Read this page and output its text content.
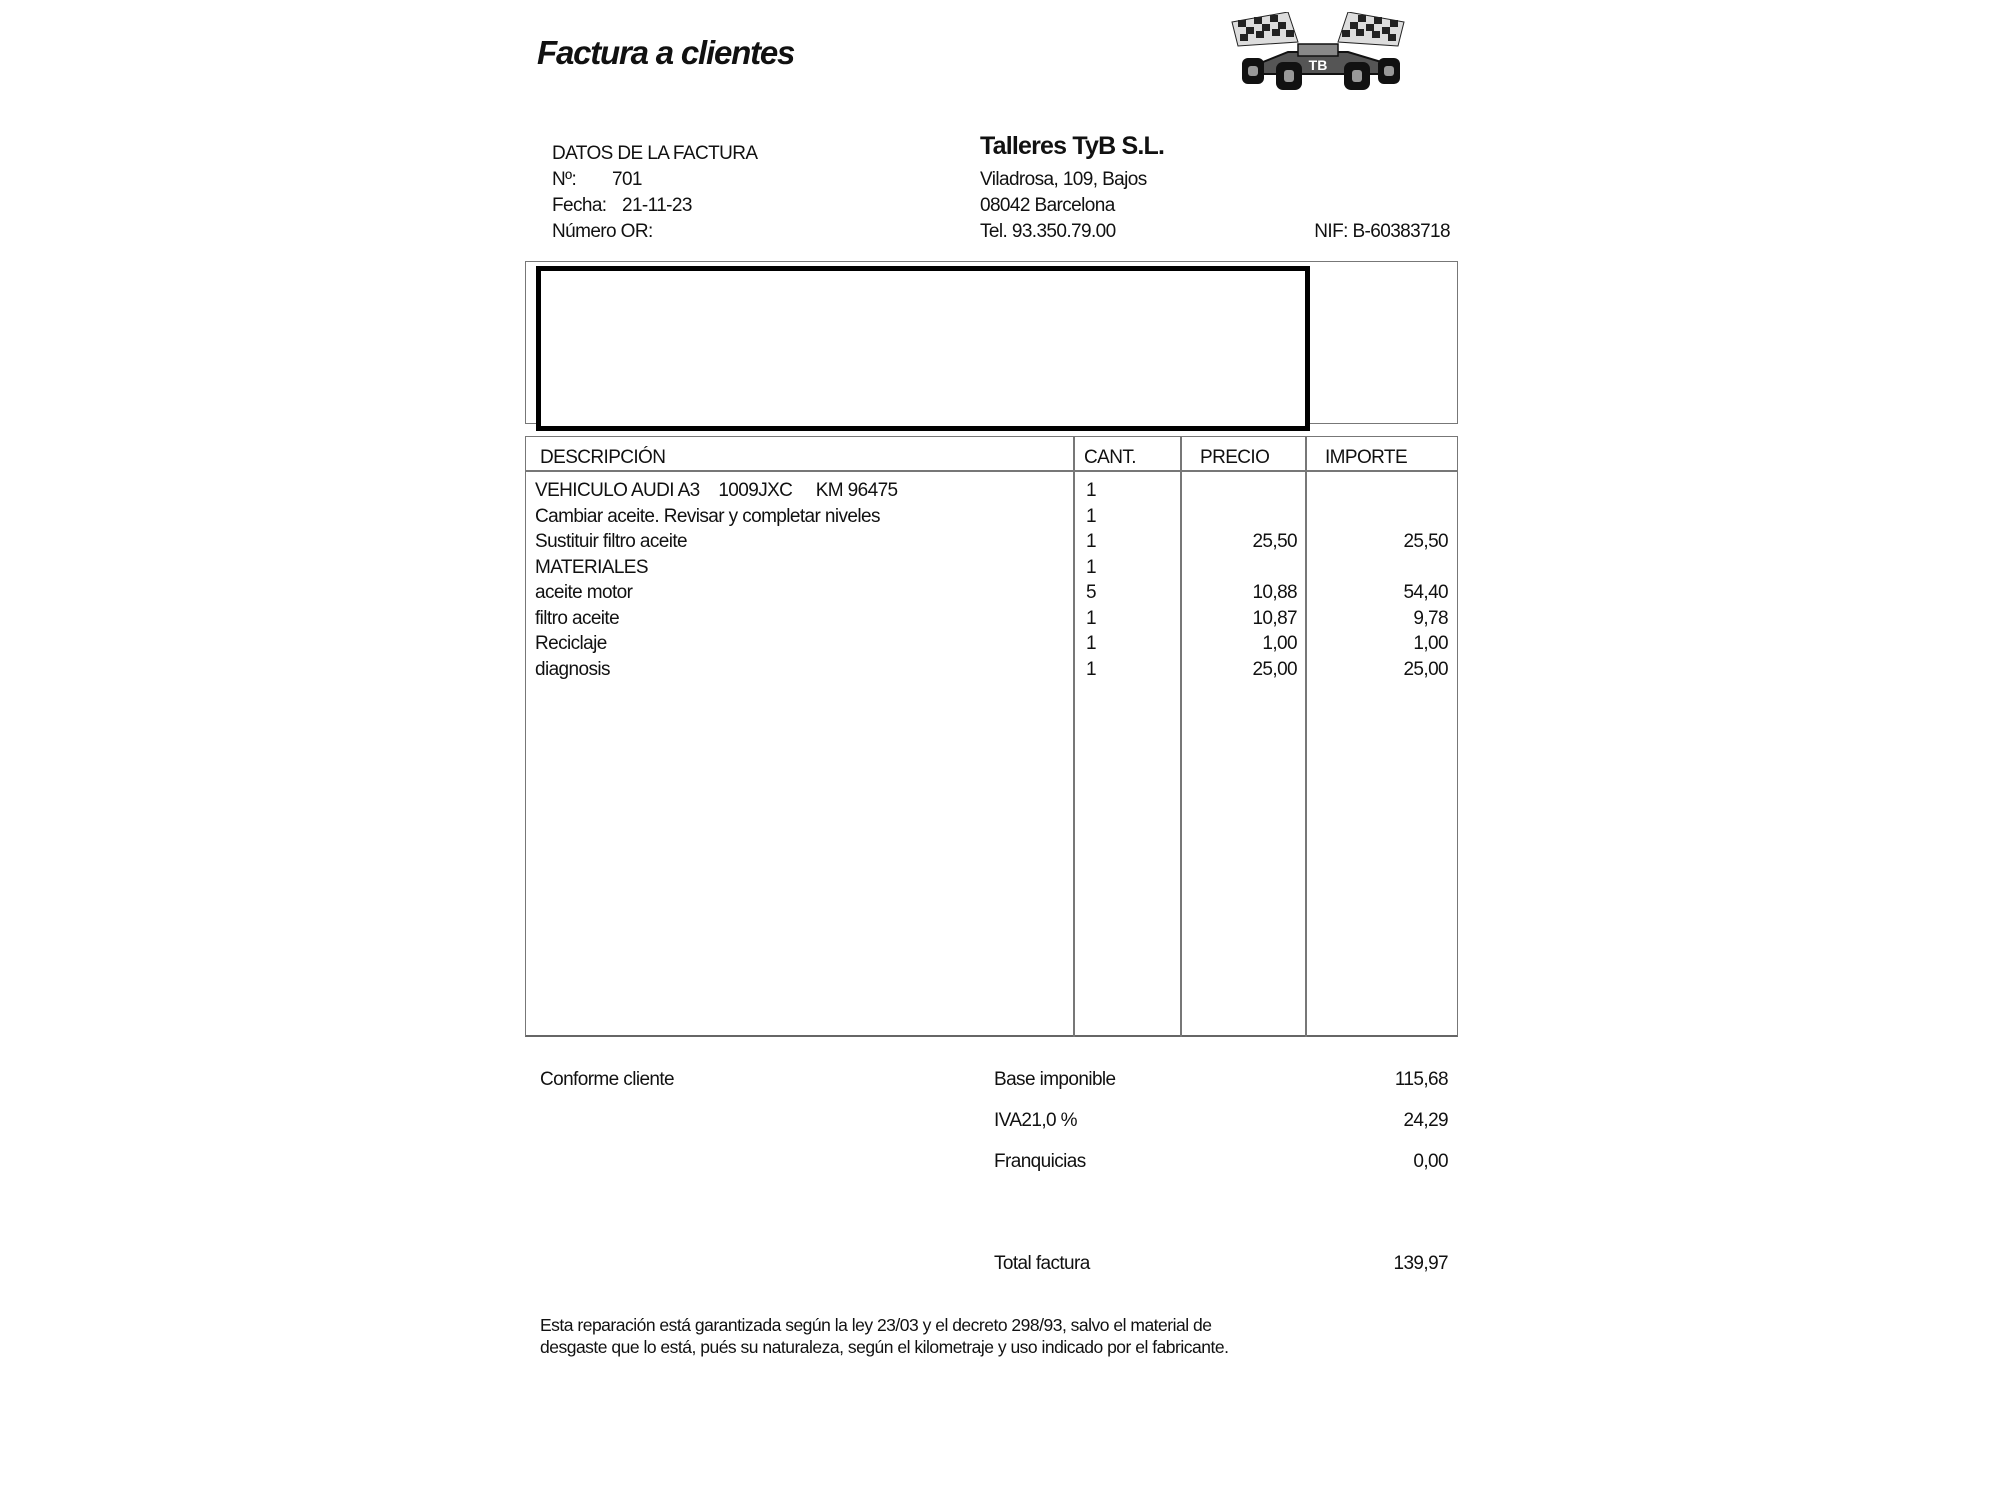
Factura a clientes	TB
DATOS DE LA FACTURA
Nº: 701
Fecha: 21-11-23
Número OR:
Talleres TyB S.L.
Viladrosa, 109, Bajos
08042 Barcelona
Tel. 93.350.79.00	NIF: B-60383718
DESCRIPCIÓN	CANT.	PRECIO	IMPORTE
VEHICULO AUDI A3    1009JXC     KM 96475	1
Cambiar aceite. Revisar y completar niveles	1
Sustituir filtro aceite	1	25,50	25,50
MATERIALES	1
aceite motor	5	10,88	54,40
filtro aceite	1	10,87	9,78
Reciclaje	1	1,00	1,00
diagnosis	1	25,00	25,00
Conforme cliente	Base imponible	115,68
IVA21,0 %	24,29
Franquicias	0,00
Total factura	139,97
Esta reparación está garantizada según la ley 23/03 y el decreto 298/93, salvo el material de
desgaste que lo está, pués su naturaleza, según el kilometraje y uso indicado por el fabricante.
